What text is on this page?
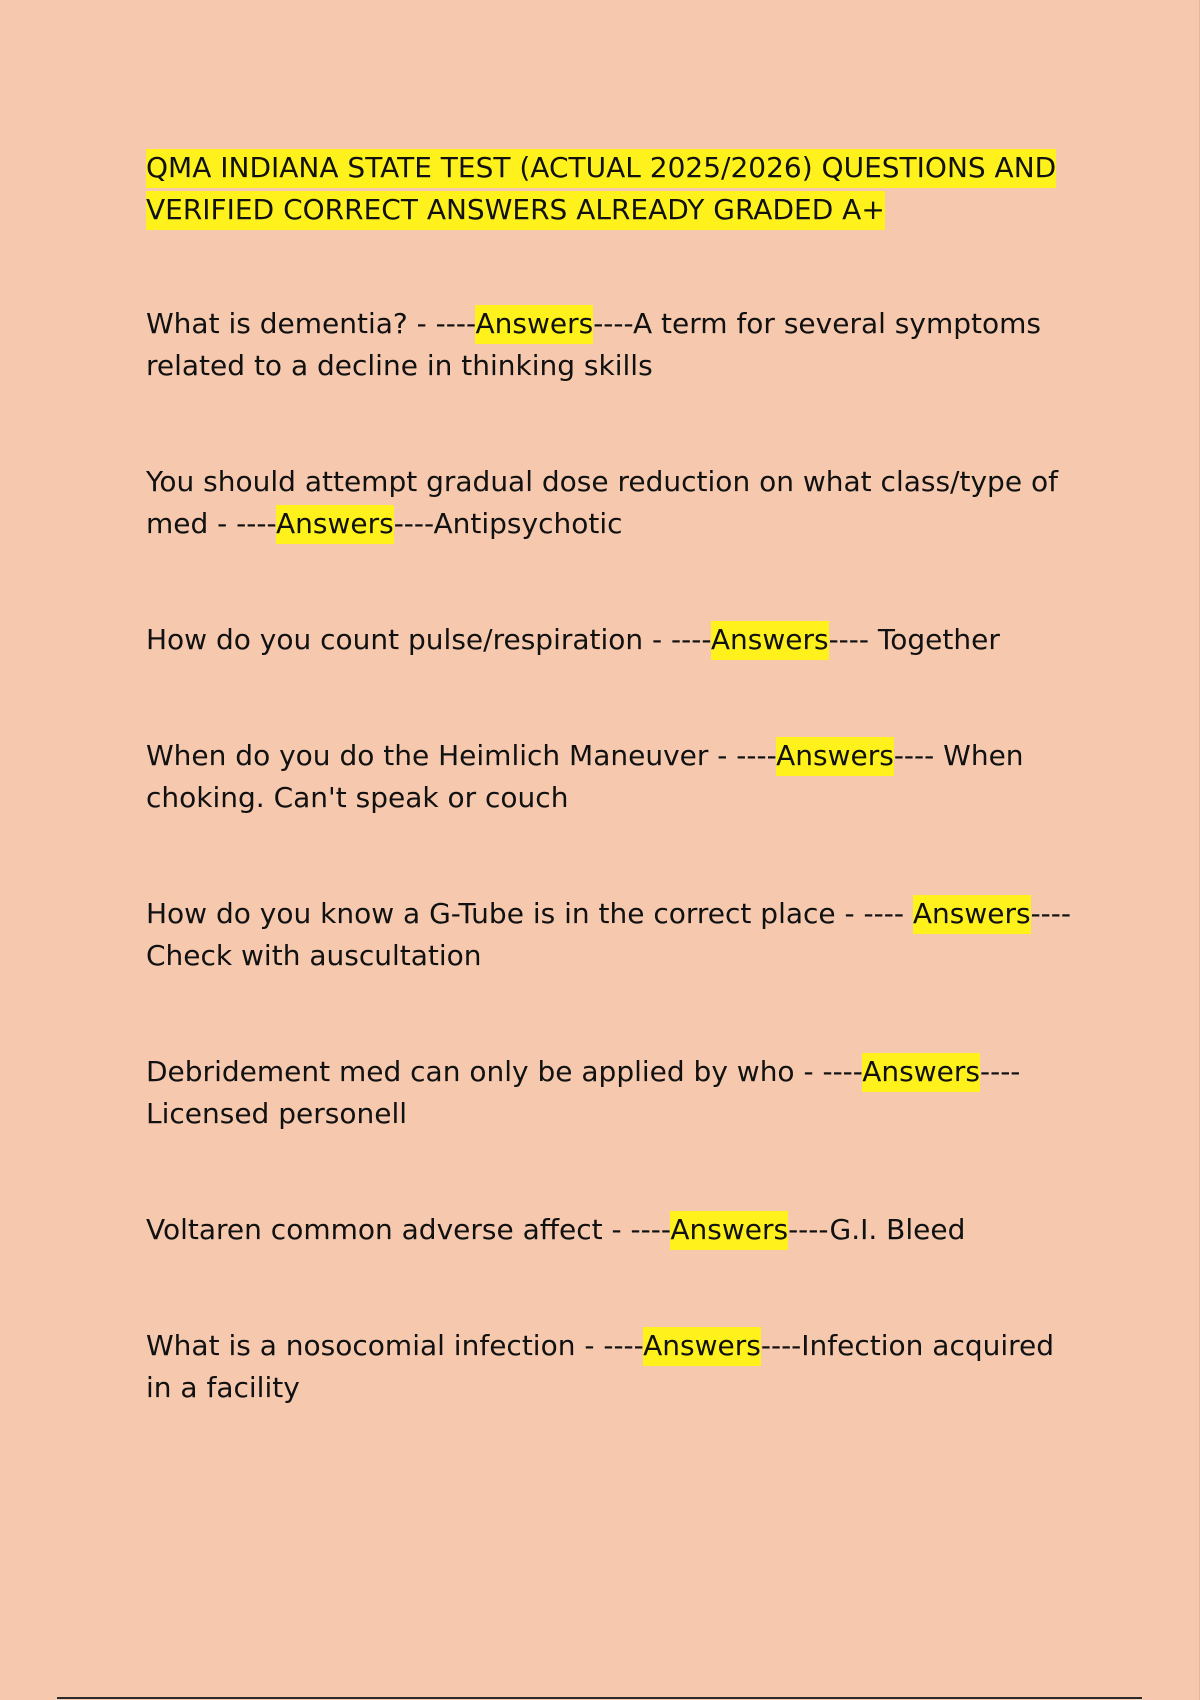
QMA INDIANA STATE TEST (ACTUAL 2025/2026) QUESTIONS AND VERIFIED CORRECT ANSWERS ALREADY GRADED A+

What is dementia? - ----Answers----A term for several symptoms related to a decline in thinking skills

You should attempt gradual dose reduction on what class/type of med - ----Answers----Antipsychotic

How do you count pulse/respiration - ----Answers---- Together

When do you do the Heimlich Maneuver - ----Answers---- When choking. Can't speak or couch

How do you know a G-Tube is in the correct place - ---- Answers----Check with auscultation

Debridement med can only be applied by who - ----Answers----Licensed personell

Voltaren common adverse affect - ----Answers----G.I. Bleed

What is a nosocomial infection - ----Answers----Infection acquired in a facility
